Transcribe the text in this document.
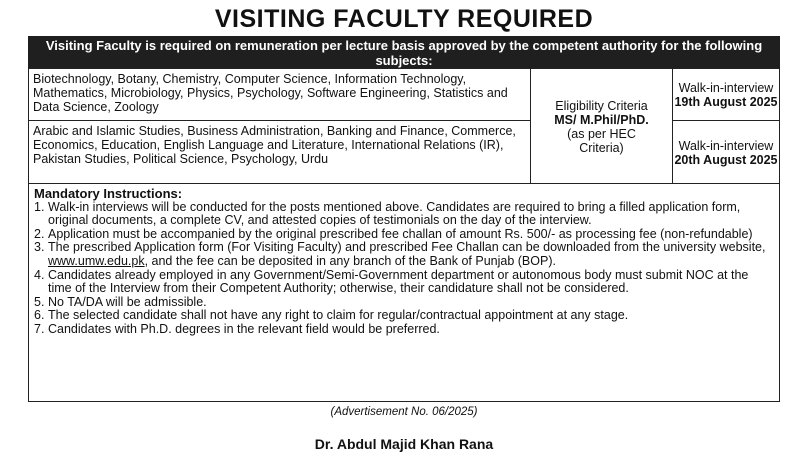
VISITING FACULTY REQUIRED
Visiting Faculty is required on remuneration per lecture basis approved by the competent authority for the following subjects:
Biotechnology, Botany, Chemistry, Computer Science, Information Technology, Mathematics, Microbiology, Physics, Psychology, Software Engineering, Statistics and Data Science, Zoology
Arabic and Islamic Studies, Business Administration, Banking and Finance, Commerce, Economics, Education, English Language and Literature, International Relations (IR), Pakistan Studies, Political Science, Psychology, Urdu
Eligibility Criteria
MS/ M.Phil/PhD.
(as per HEC
Criteria)
Walk-in-interview
19th August 2025
Walk-in-interview
20th August 2025
Mandatory Instructions:
1. Walk-in interviews will be conducted for the posts mentioned above. Candidates are required to bring a filled application form, original documents, a complete CV, and attested copies of testimonials on the day of the interview.
2. Application must be accompanied by the original prescribed fee challan of amount Rs. 500/- as processing fee (non-refundable)
3. The prescribed Application form (For Visiting Faculty) and prescribed Fee Challan can be downloaded from the university website, www.umw.edu.pk, and the fee can be deposited in any branch of the Bank of Punjab (BOP).
4. Candidates already employed in any Government/Semi-Government department or autonomous body must submit NOC at the time of the Interview from their Competent Authority; otherwise, their candidature shall not be considered.
5. No TA/DA will be admissible.
6. The selected candidate shall not have any right to claim for regular/contractual appointment at any stage.
7. Candidates with Ph.D. degrees in the relevant field would be preferred.
(Advertisement No. 06/2025)
Dr. Abdul Majid Khan Rana
